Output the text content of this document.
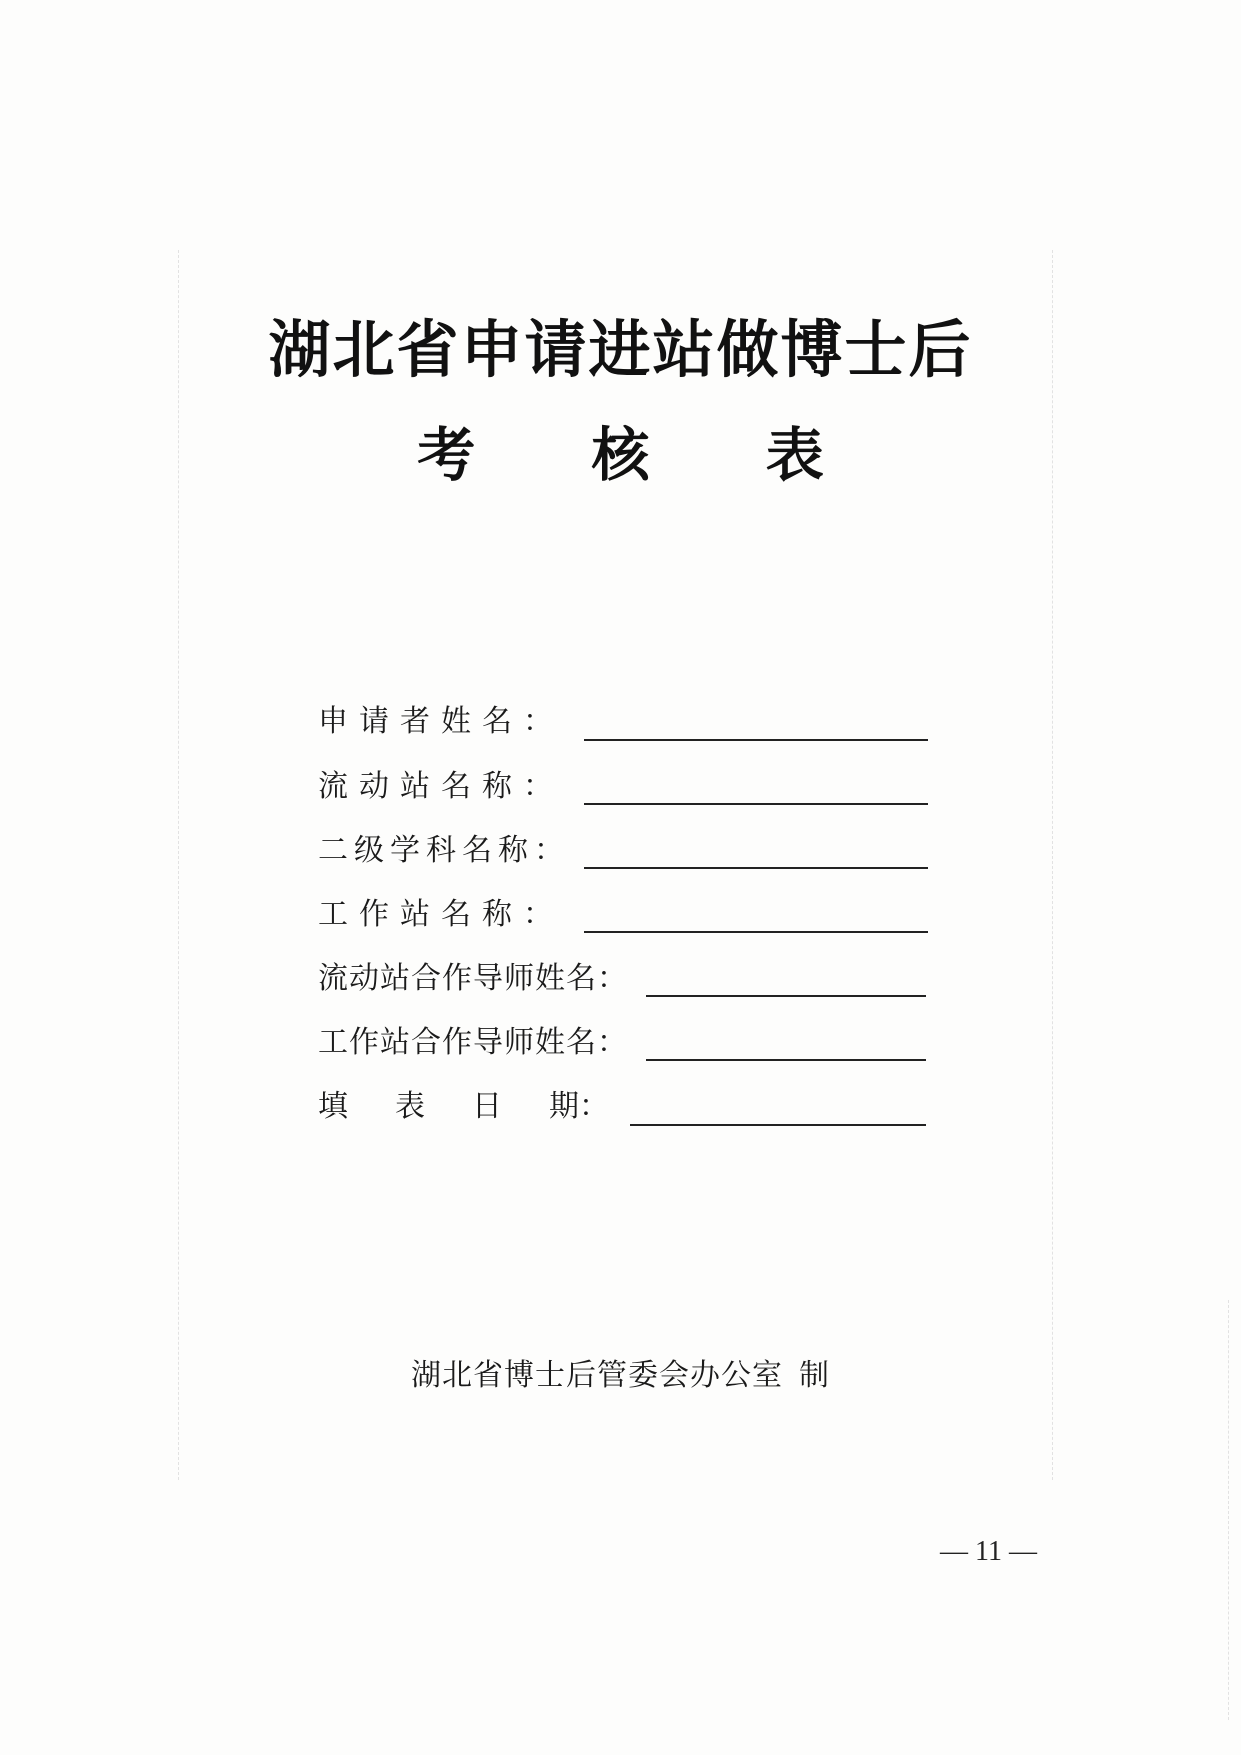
湖北省申请进站做博士后
考 核 表
申请者姓名：
流动站名称：
二级学科名称：
工作站名称：
流动站合作导师姓名：
工作站合作导师姓名：
填 表 日 期：
湖北省博士后管委会办公室 制
— 11 —
